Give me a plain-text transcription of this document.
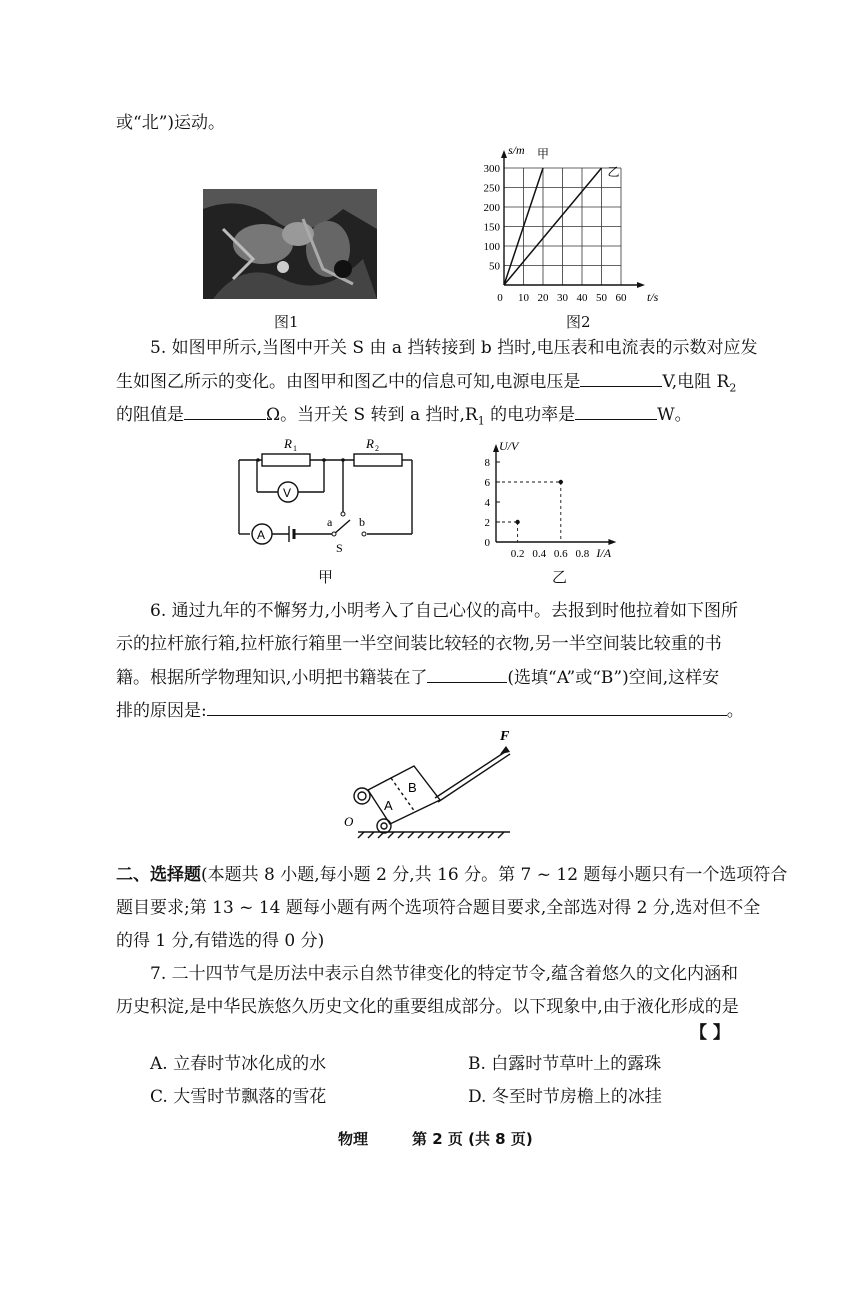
或“北”)运动。
图1
300
250
200
150
100
50
0 10 20 30 40 50 60
s/m
t/s
甲
乙
图2
5. 如图甲所示,当图中开关 S 由 a 挡转接到 b 挡时,电压表和电流表的示数对应发
生如图乙所示的变化。由图甲和图乙中的信息可知,电源电压是	V,电阻 $R_2$
的阻值是	Ω。当开关 S 转到 a 挡时$,R_1$ 的电功率是	W。
R 1	R 2
V
A
a b
S
甲
8
6
4
2
0
0.2 0.4 0.6 0.8
U/V
I/A
乙
6. 通过九年的不懈努力,小明考入了自己心仪的高中。去报到时他拉着如下图所
示的拉杆旅行箱,拉杆旅行箱里一半空间装比较轻的衣物,另一半空间装比较重的书
籍。根据所学物理知识,小明把书籍装在了	(选填“A”或“B”)空间,这样安
排的原因是:	。
F
A
B
O
二、选择题(本题共 8 小题,每小题 2 分,共 16 分。第 7 ~ 12 题每小题只有一个选项符合
题目要求;第 13 ~ 14 题每小题有两个选项符合题目要求,全部选对得 2 分,选对但不全
的得 1 分,有错选的得 0 分)
7. 二十四节气是历法中表示自然节律变化的特定节令,蕴含着悠久的文化内涵和
历史积淀,是中华民族悠久历史文化的重要组成部分。以下现象中,由于液化形成的是
【 】
A. 立春时节冰化成的水	B. 白露时节草叶上的露珠
C. 大雪时节飘落的雪花	D. 冬至时节房檐上的冰挂
物理	第 2 页 (共 8 页)
